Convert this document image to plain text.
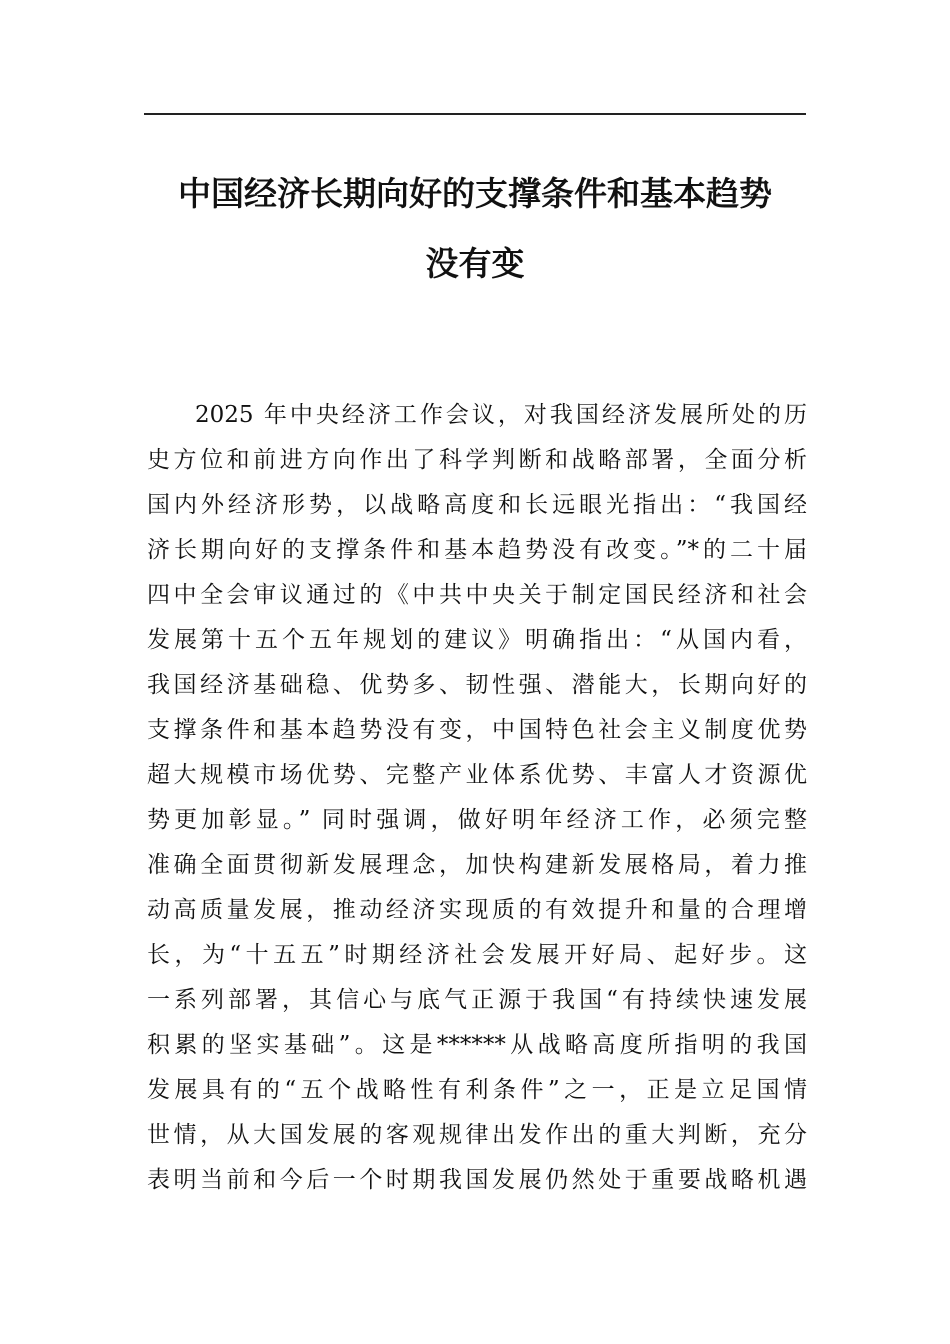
中国经济长期向好的支撑条件和基本趋势
没有变
2025 年中央经济工作会议，对我国经济发展所处的历
史方位和前进方向作出了科学判断和战略部署，全面分析
国内外经济形势，以战略高度和长远眼光指出：“我国经
济长期向好的支撑条件和基本趋势没有改变。”*的二十届
四中全会审议通过的《中共中央关于制定国民经济和社会
发展第十五个五年规划的建议》明确指出：“从国内看，
我国经济基础稳、优势多、韧性强、潜能大，长期向好的
支撑条件和基本趋势没有变，中国特色社会主义制度优势
超大规模市场优势、完整产业体系优势、丰富人才资源优
势更加彰显。” 同时强调，做好明年经济工作，必须完整
准确全面贯彻新发展理念，加快构建新发展格局，着力推
动高质量发展，推动经济实现质的有效提升和量的合理增
长，为“十五五”时期经济社会发展开好局、起好步。这
一系列部署，其信心与底气正源于我国“有持续快速发展
积累的坚实基础”。这是******从战略高度所指明的我国
发展具有的“五个战略性有利条件”之一，正是立足国情
世情，从大国发展的客观规律出发作出的重大判断，充分
表明当前和今后一个时期我国发展仍然处于重要战略机遇
